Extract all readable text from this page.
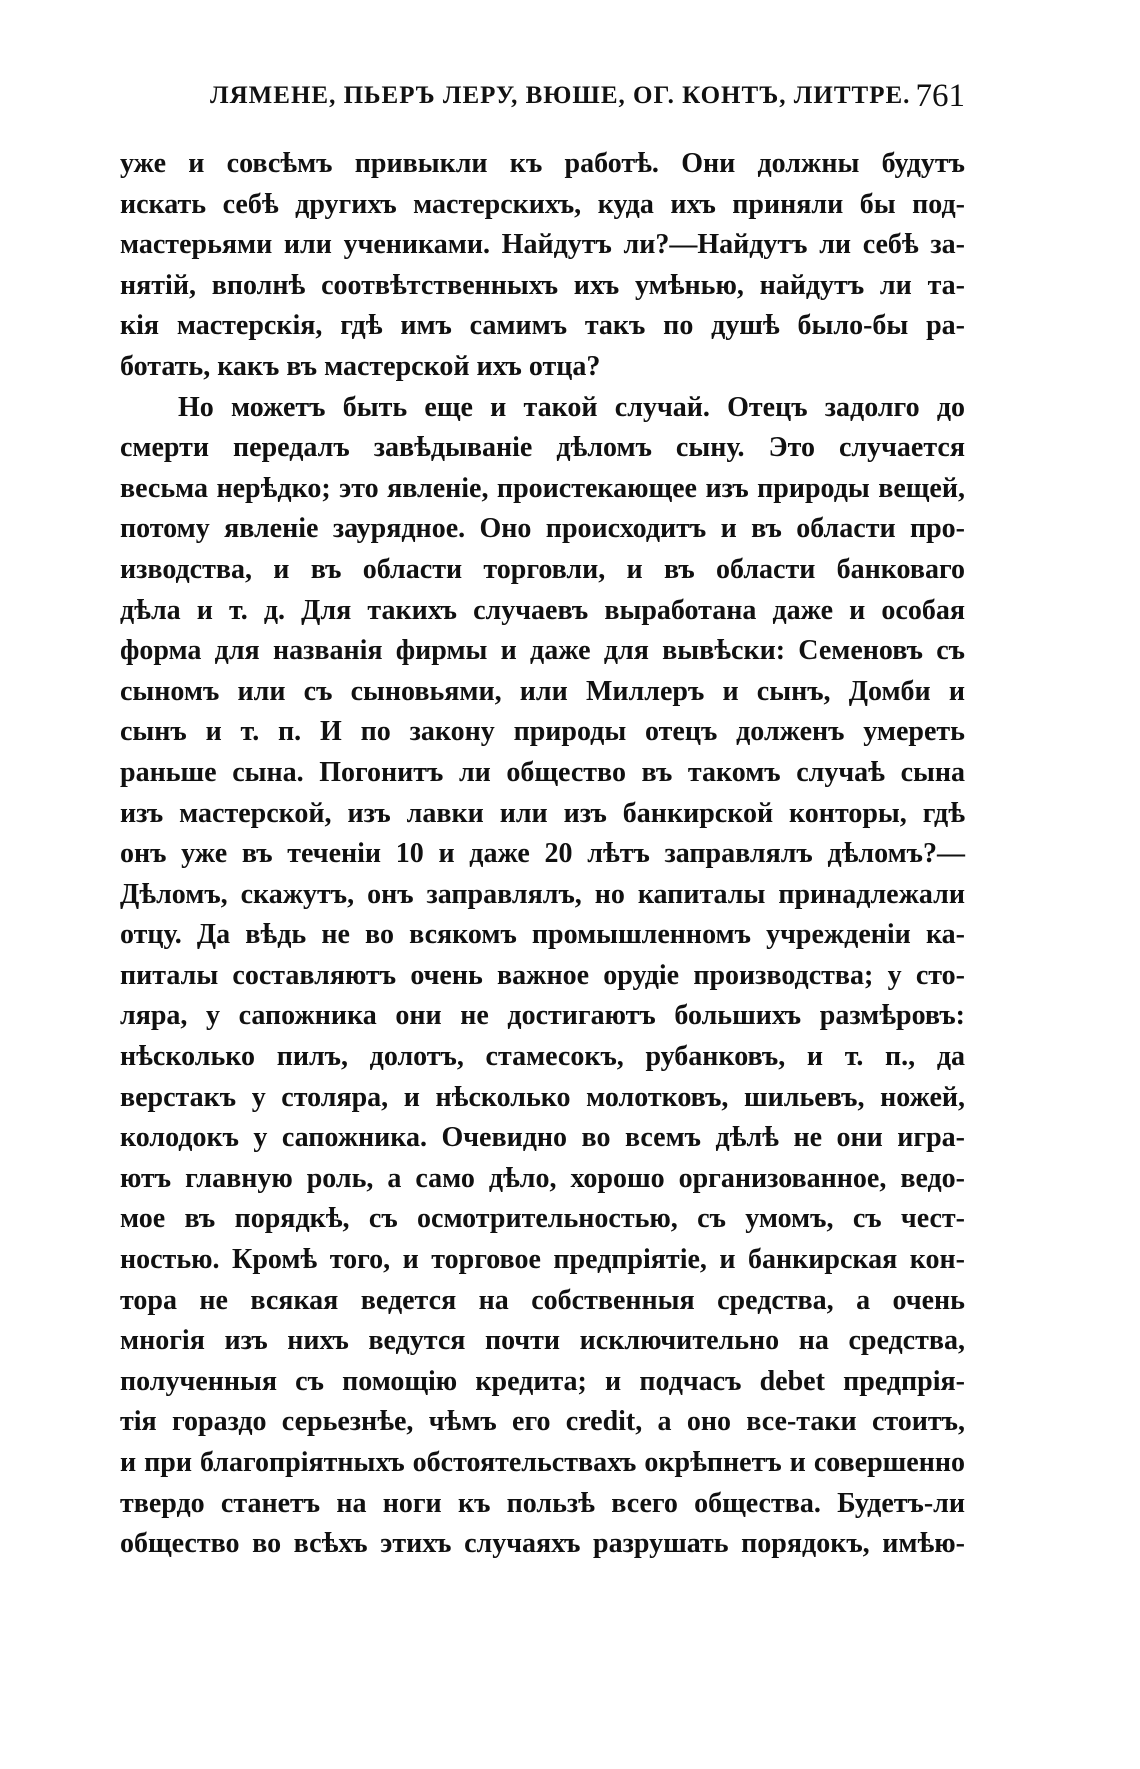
ЛЯМЕНЕ, ПЬЕРЪ ЛЕРУ, ВЮШЕ, ОГ. КОНТЪ, ЛИТТРЕ. 761
уже и совсѣмъ привыкли къ работѣ. Они должны будутъ
искать себѣ другихъ мастерскихъ, куда ихъ приняли бы под-
мастерьями или учениками. Найдутъ ли?—Найдутъ ли себѣ за-
нятій, вполнѣ соотвѣтственныхъ ихъ умѣнью, найдутъ ли та-
кія мастерскія, гдѣ имъ самимъ такъ по душѣ было-бы ра-
ботать, какъ въ мастерской ихъ отца?
Но можетъ быть еще и такой случай. Отецъ задолго до
смерти передалъ завѣдываніе дѣломъ сыну. Это случается
весьма нерѣдко; это явленіе, проистекающее изъ природы вещей,
потому явленіе заурядное. Оно происходитъ и въ области про-
изводства, и въ области торговли, и въ области банковаго
дѣла и т. д. Для такихъ случаевъ выработана даже и особая
форма для названія фирмы и даже для вывѣски: Семеновъ съ
сыномъ или съ сыновьями, или Миллеръ и сынъ, Домби и
сынъ и т. п. И по закону природы отецъ долженъ умереть
раньше сына. Погонитъ ли общество въ такомъ случаѣ сына
изъ мастерской, изъ лавки или изъ банкирской конторы, гдѣ
онъ уже въ теченіи 10 и даже 20 лѣтъ заправлялъ дѣломъ?—
Дѣломъ, скажутъ, онъ заправлялъ, но капиталы принадлежали
отцу. Да вѣдь не во всякомъ промышленномъ учрежденіи ка-
питалы составляютъ очень важное орудіе производства; у сто-
ляра, у сапожника они не достигаютъ большихъ размѣровъ:
нѣсколько пилъ, долотъ, стамесокъ, рубанковъ, и т. п., да
верстакъ у столяра, и нѣсколько молотковъ, шильевъ, ножей,
колодокъ у сапожника. Очевидно во всемъ дѣлѣ не они игра-
ютъ главную роль, а само дѣло, хорошо организованное, ведо-
мое въ порядкѣ, съ осмотрительностью, съ умомъ, съ чест-
ностью. Кромѣ того, и торговое предпріятіе, и банкирская кон-
тора не всякая ведется на собственныя средства, а очень
многія изъ нихъ ведутся почти исключительно на средства,
полученныя съ помощію кредита; и подчасъ debet предпрія-
тія гораздо серьезнѣе, чѣмъ его credit, а оно все-таки стоитъ,
и при благопріятныхъ обстоятельствахъ окрѣпнетъ и совершенно
твердо станетъ на ноги къ пользѣ всего общества. Будетъ-ли
общество во всѣхъ этихъ случаяхъ разрушать порядокъ, имѣю-
